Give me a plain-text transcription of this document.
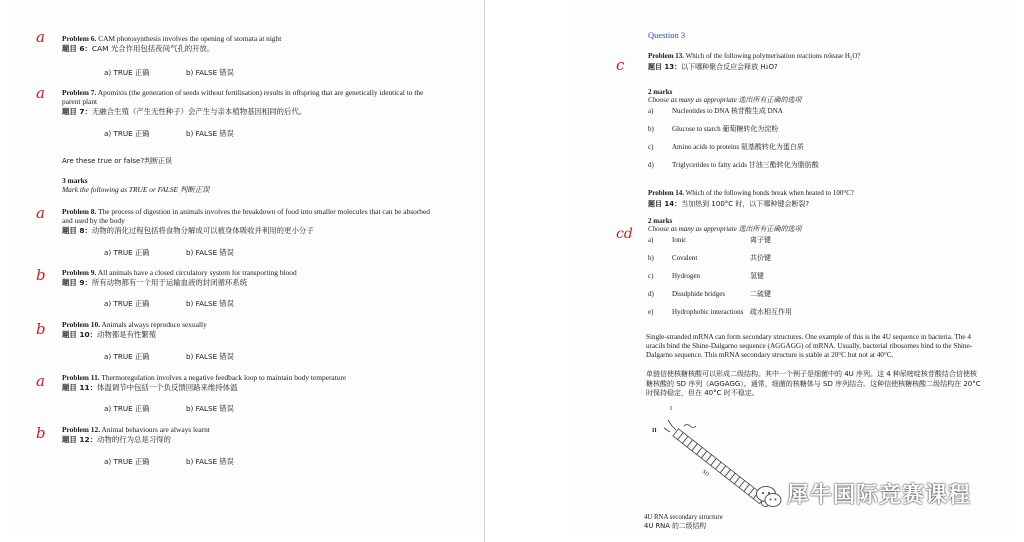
a Problem 6. CAM photosynthesis involves the opening of stomata at night
题目 6：CAM 光合作用包括夜间气孔的开放。
a) TRUE 正确	b) FALSE 错误
a Problem 7. Apomixis (the generation of seeds without fertilisation) results in offspring that are genetically identical to the parent plant
题目 7：无融合生殖（产生无性种子）会产生与亲本植物基因相同的后代。
a) TRUE 正确	b) FALSE 错误
Are these true or false?判断正误
3 marks
Mark the following as TRUE or FALSE 判断正误
a Problem 8. The process of digestion in animals involves the breakdown of food into smaller molecules that can be absorbed and used by the body
题目 8：动物的消化过程包括将食物分解成可以被身体吸收并利用的更小分子
a) TRUE 正确	b) FALSE 错误
b Problem 9. All animals have a closed circulatory system for transporting blood
题目 9：所有动物都有一个用于运输血液的封闭循环系统
a) TRUE 正确	b) FALSE 错误
b Problem 10. Animals always reproduce sexually
题目 10：动物都是有性繁殖
a) TRUE 正确	b) FALSE 错误
a Problem 11. Thermoregulation involves a negative feedback loop to maintain body temperature
题目 11：体温调节中包括一个负反馈回路来维持体温
a) TRUE 正确	b) FALSE 错误
b Problem 12. Animal behaviours are always learnt
题目 12：动物的行为总是习得的
a) TRUE 正确	b) FALSE 错误
Question 3
c	Problem 13. Which of the following polymerisation reactions release H₂O?
题目 13：以下哪种聚合反应会释放 H₂O?
2 marks
Choose as many as appropriate 选出所有正确的选项
a)	Nucleotides to DNA 核苷酸生成 DNA
b)	Glucose to starch 葡萄糖转化为淀粉
c)	Amino acids to proteins 氨基酸转化为蛋白质
d)	Triglycerides to fatty acids 甘油三酯转化为脂肪酸
Problem 14. Which of the following bonds break when heated to 100°C?
题目 14：当加热到 100°C 时，以下哪种键会断裂?
cd
2 marks
Choose as many as appropriate 选出所有正确的选项
a)	Ionic	离子键
b)	Covalent	共价键
c)	Hydrogen	氢键
d)	Disulphide bridges	二硫键
e)	Hydrophobic interactions 疏水相互作用
Single-stranded mRNA can form secondary structures. One example of this is the 4U sequence in bacteria. The 4 uracils bind the Shine-Dalgarno sequence (AGGAGG) of mRNA. Usually, bacterial ribosomes bind to the Shine-Dalgarno sequence. This mRNA secondary structure is stable at 20°C but not at 40°C.
单链信使核糖核酸可以形成二级结构。其中一个例子是细菌中的 4U 序列。这 4 种尿嘧啶核苷酸结合信使核糖核酸的 SD 序列（AGGAGG）。通常，细菌的核糖体与 SD 序列结合。这种信使核糖核酸二级结构在 20°C 时保持稳定，但在 40°C 时不稳定。
I
II
SD
4U RNA secondary structure
4U RNA 的二级结构
犀牛国际竞赛课程
